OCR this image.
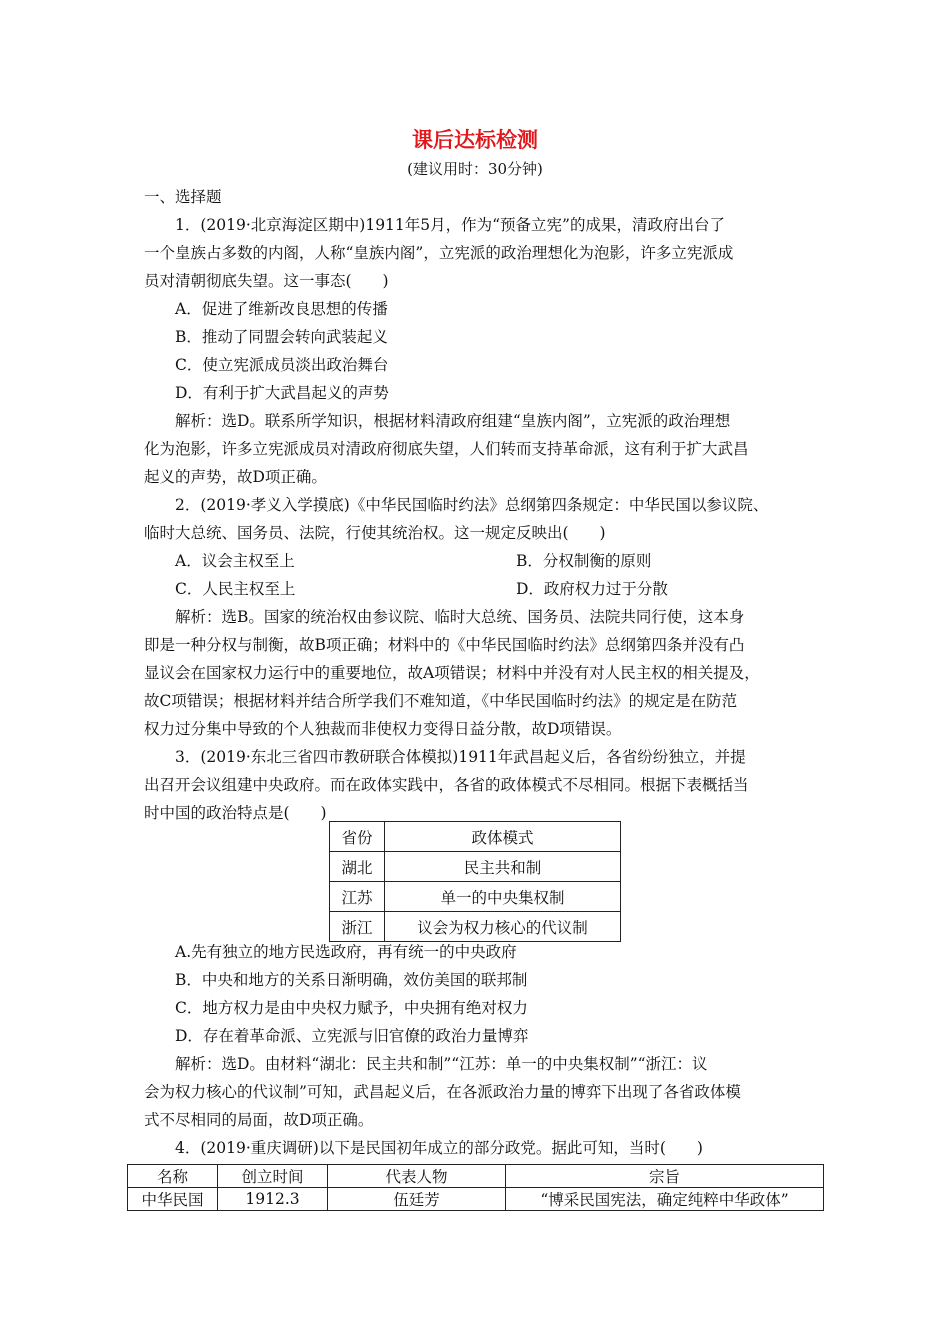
课后达标检测
(建议用时：30分钟)
一、选择题
1．(2019·北京海淀区期中)1911年5月，作为“预备立宪”的成果，清政府出台了
一个皇族占多数的内阁，人称“皇族内阁”，立宪派的政治理想化为泡影，许多立宪派成
员对清朝彻底失望。这一事态(　　)
A．促进了维新改良思想的传播
B．推动了同盟会转向武装起义
C．使立宪派成员淡出政治舞台
D．有利于扩大武昌起义的声势
解析：选D。联系所学知识，根据材料清政府组建“皇族内阁”，立宪派的政治理想
化为泡影，许多立宪派成员对清政府彻底失望，人们转而支持革命派，这有利于扩大武昌
起义的声势，故D项正确。
2．(2019·孝义入学摸底)《中华民国临时约法》总纲第四条规定：中华民国以参议院、
临时大总统、国务员、法院，行使其统治权。这一规定反映出(　　)
A．议会主权至上	B．分权制衡的原则
C．人民主权至上	D．政府权力过于分散
解析：选B。国家的统治权由参议院、临时大总统、国务员、法院共同行使，这本身
即是一种分权与制衡，故B项正确；材料中的《中华民国临时约法》总纲第四条并没有凸
显议会在国家权力运行中的重要地位，故A项错误；材料中并没有对人民主权的相关提及，
故C项错误；根据材料并结合所学我们不难知道，《中华民国临时约法》的规定是在防范
权力过分集中导致的个人独裁而非使权力变得日益分散，故D项错误。
3．(2019·东北三省四市教研联合体模拟)1911年武昌起义后，各省纷纷独立，并提
出召开会议组建中央政府。而在政体实践中，各省的政体模式不尽相同。根据下表概括当
时中国的政治特点是(　　)
省份	政体模式
湖北	民主共和制
江苏	单一的中央集权制
浙江	议会为权力核心的代议制
A.先有独立的地方民选政府，再有统一的中央政府
B．中央和地方的关系日渐明确，效仿美国的联邦制
C．地方权力是由中央权力赋予，中央拥有绝对权力
D．存在着革命派、立宪派与旧官僚的政治力量博弈
解析：选D。由材料“湖北：民主共和制”“江苏：单一的中央集权制”“浙江：议
会为权力核心的代议制”可知，武昌起义后，在各派政治力量的博弈下出现了各省政体模
式不尽相同的局面，故D项正确。
4．(2019·重庆调研)以下是民国初年成立的部分政党。据此可知，当时(　　)
名称	创立时间	代表人物	宗旨
中华民国	1912.3	伍廷芳	“博采民国宪法，确定纯粹中华政体”
